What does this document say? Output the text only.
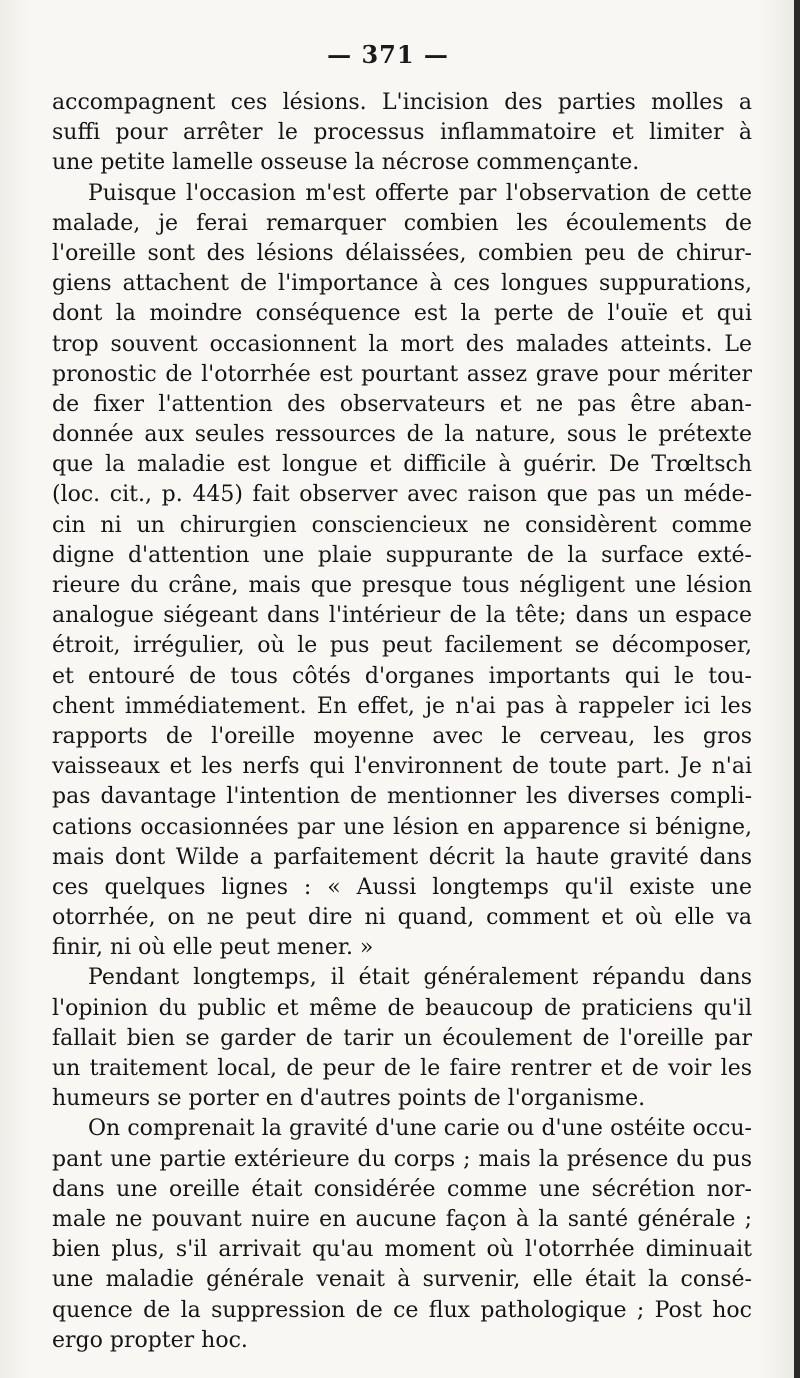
— 371 —
accompagnent ces lésions. L'incision des parties molles a
suffi pour arrêter le processus inflammatoire et limiter à
une petite lamelle osseuse la nécrose commençante.
Puisque l'occasion m'est offerte par l'observation de cette
malade, je ferai remarquer combien les écoulements de
l'oreille sont des lésions délaissées, combien peu de chirur-
giens attachent de l'importance à ces longues suppurations,
dont la moindre conséquence est la perte de l'ouïe et qui
trop souvent occasionnent la mort des malades atteints. Le
pronostic de l'otorrhée est pourtant assez grave pour mériter
de fixer l'attention des observateurs et ne pas être aban-
donnée aux seules ressources de la nature, sous le prétexte
que la maladie est longue et difficile à guérir. De Trœltsch
(loc. cit., p. 445) fait observer avec raison que pas un méde-
cin ni un chirurgien consciencieux ne considèrent comme
digne d'attention une plaie suppurante de la surface exté-
rieure du crâne, mais que presque tous négligent une lésion
analogue siégeant dans l'intérieur de la tête; dans un espace
étroit, irrégulier, où le pus peut facilement se décomposer,
et entouré de tous côtés d'organes importants qui le tou-
chent immédiatement. En effet, je n'ai pas à rappeler ici les
rapports de l'oreille moyenne avec le cerveau, les gros
vaisseaux et les nerfs qui l'environnent de toute part. Je n'ai
pas davantage l'intention de mentionner les diverses compli-
cations occasionnées par une lésion en apparence si bénigne,
mais dont Wilde a parfaitement décrit la haute gravité dans
ces quelques lignes : « Aussi longtemps qu'il existe une
otorrhée, on ne peut dire ni quand, comment et où elle va
finir, ni où elle peut mener. »
Pendant longtemps, il était généralement répandu dans
l'opinion du public et même de beaucoup de praticiens qu'il
fallait bien se garder de tarir un écoulement de l'oreille par
un traitement local, de peur de le faire rentrer et de voir les
humeurs se porter en d'autres points de l'organisme.
On comprenait la gravité d'une carie ou d'une ostéite occu-
pant une partie extérieure du corps ; mais la présence du pus
dans une oreille était considérée comme une sécrétion nor-
male ne pouvant nuire en aucune façon à la santé générale ;
bien plus, s'il arrivait qu'au moment où l'otorrhée diminuait
une maladie générale venait à survenir, elle était la consé-
quence de la suppression de ce flux pathologique ; Post hoc
ergo propter hoc.
